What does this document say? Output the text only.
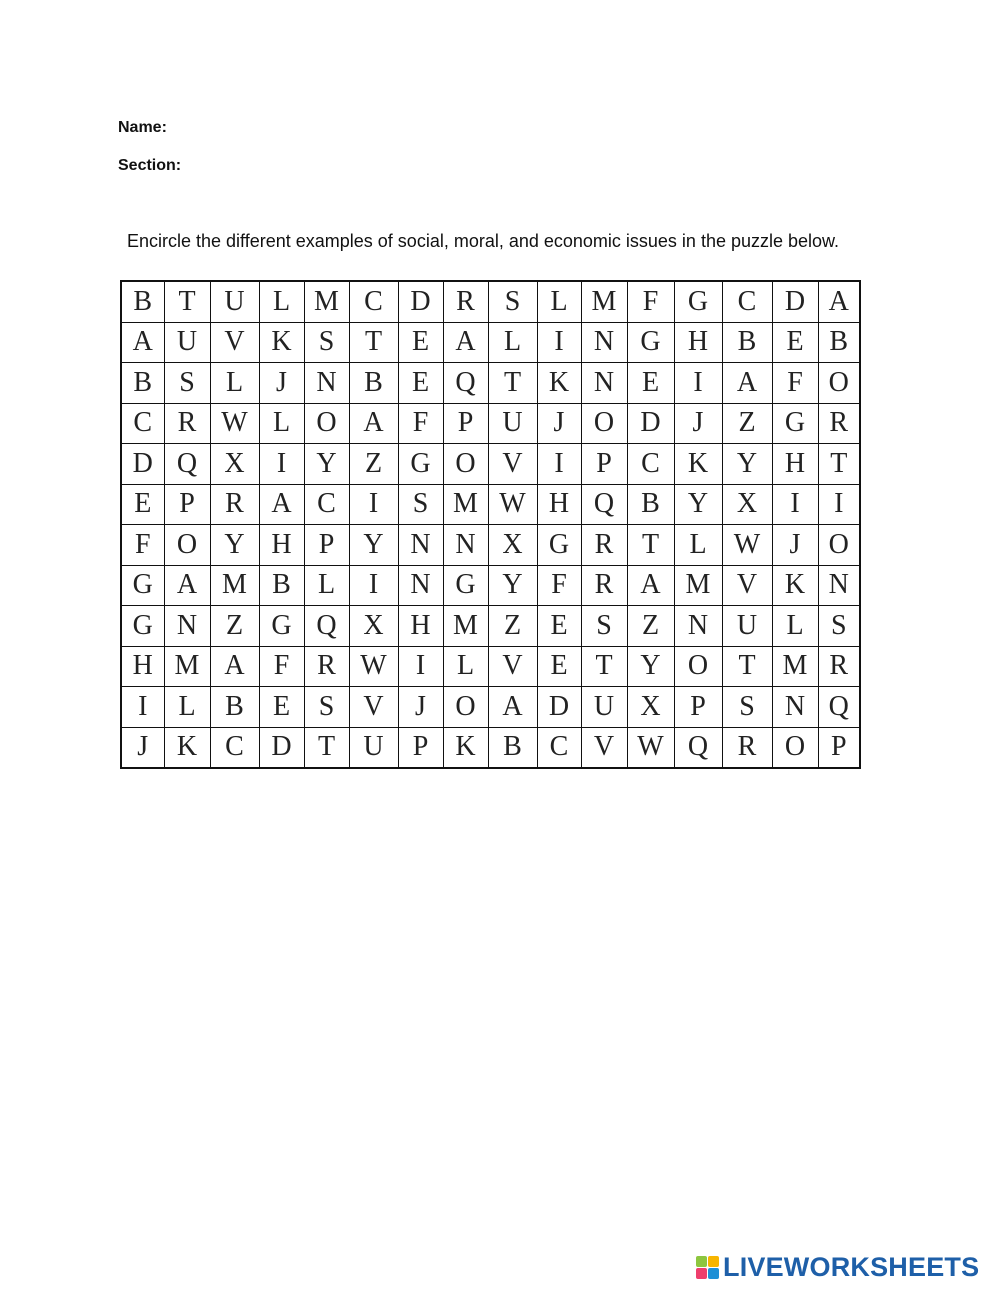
Name:
Section:
Encircle the different examples of social, moral, and economic issues in the puzzle below.
B	T	U	L	M	C	D	R	S	L	M	F	G	C	D	A
A	U	V	K	S	T	E	A	L	I	N	G	H	B	E	B
B	S	L	J	N	B	E	Q	T	K	N	E	I	A	F	O
C	R	W	L	O	A	F	P	U	J	O	D	J	Z	G	R
D	Q	X	I	Y	Z	G	O	V	I	P	C	K	Y	H	T
E	P	R	A	C	I	S	M	W	H	Q	B	Y	X	I	I
F	O	Y	H	P	Y	N	N	X	G	R	T	L	W	J	O
G	A	M	B	L	I	N	G	Y	F	R	A	M	V	K	N
G	N	Z	G	Q	X	H	M	Z	E	S	Z	N	U	L	S
H	M	A	F	R	W	I	L	V	E	T	Y	O	T	M	R
I	L	B	E	S	V	J	O	A	D	U	X	P	S	N	Q
J	K	C	D	T	U	P	K	B	C	V	W	Q	R	O	P
LIVEWORKSHEETS
